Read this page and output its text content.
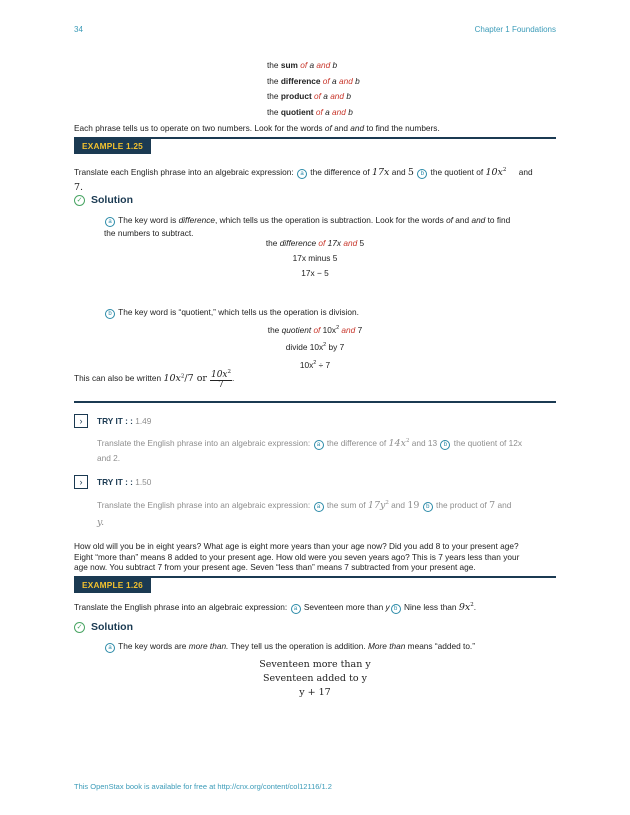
34	Chapter 1 Foundations
the sum of a and b
the difference of a and b
the product of a and b
the quotient of a and b
Each phrase tells us to operate on two numbers. Look for the words of and and to find the numbers.
EXAMPLE 1.25
Translate each English phrase into an algebraic expression: a the difference of 17x and 5 b the quotient of $10x^2$ and
7.
✓ Solution
a The key word is difference, which tells us the operation is subtraction. Look for the words of and and to find
the numbers to subtract.
the difference of 17x and 5
17x minus 5
17x − 5
b The key word is “quotient,” which tells us the operation is division.
the quotient of $10x^2$ and 7
divide $10x^2$ by 7
$10x^2 \div 7$
This can also be written $10x^2/7$ or $\frac{10x^2}{7}$ .
›	TRY IT : : 1.49
Translate the English phrase into an algebraic expression: a the difference of $14x^2$ and 13 b the quotient of 12x
and 2.
›	TRY IT : : 1.50
Translate the English phrase into an algebraic expression: a the sum of $17y^2$ and 19 b the product of 7 and
y.
How old will you be in eight years? What age is eight more years than your age now? Did you add 8 to your present age?
Eight “more than” means 8 added to your present age. How old were you seven years ago? This is 7 years less than your
age now. You subtract 7 from your present age. Seven “less than” means 7 subtracted from your present age.
EXAMPLE 1.26
Translate the English phrase into an algebraic expression: a Seventeen more than y b Nine less than $9x^2$.
✓ Solution
a The key words are more than. They tell us the operation is addition. More than means “added to.”
Seventeen more than y
Seventeen added to y
y + 17
This OpenStax book is available for free at http://cnx.org/content/col12116/1.2
